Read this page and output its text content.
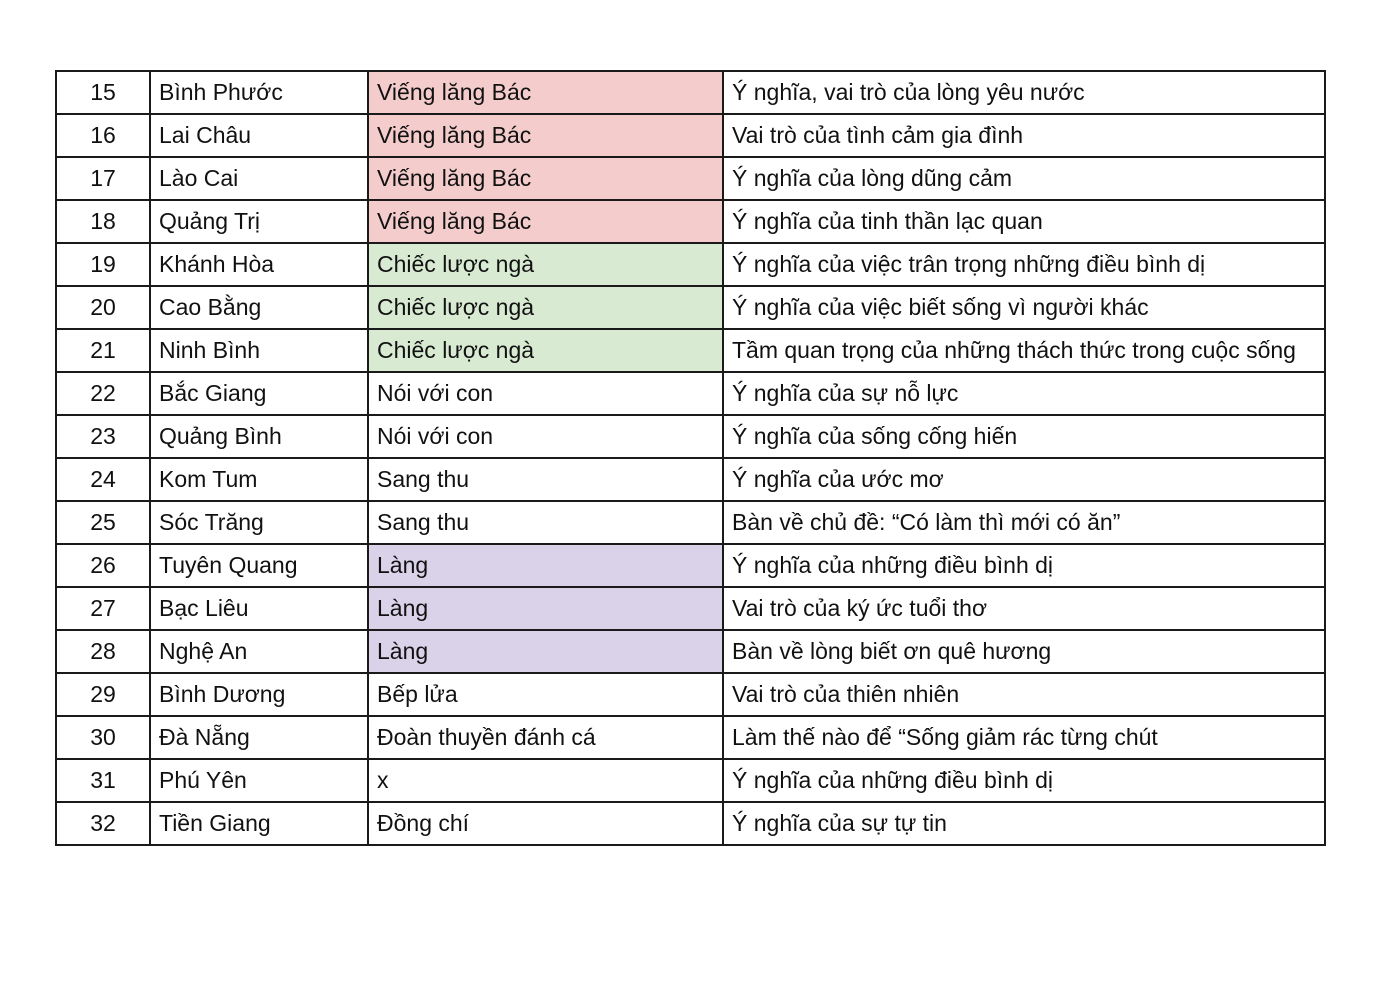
15	Bình Phước	Viếng lăng Bác	Ý nghĩa, vai trò của lòng yêu nước
16	Lai Châu	Viếng lăng Bác	Vai trò của tình cảm gia đình
17	Lào Cai	Viếng lăng Bác	Ý nghĩa của lòng dũng cảm
18	Quảng Trị	Viếng lăng Bác	Ý nghĩa của tinh thần lạc quan
19	Khánh Hòa	Chiếc lược ngà	Ý nghĩa của việc trân trọng những điều bình dị
20	Cao Bằng	Chiếc lược ngà	Ý nghĩa của việc biết sống vì người khác
21	Ninh Bình	Chiếc lược ngà	Tầm quan trọng của những thách thức trong cuộc sống
22	Bắc Giang	Nói với con	Ý nghĩa của sự nỗ lực
23	Quảng Bình	Nói với con	Ý nghĩa của sống cống hiến
24	Kom Tum	Sang thu	Ý nghĩa của ước mơ
25	Sóc Trăng	Sang thu	Bàn về chủ đề: “Có làm thì mới có ăn”
26	Tuyên Quang	Làng	Ý nghĩa của những điều bình dị
27	Bạc Liêu	Làng	Vai trò của ký ức tuổi thơ
28	Nghệ An	Làng	Bàn về lòng biết ơn quê hương
29	Bình Dương	Bếp lửa	Vai trò của thiên nhiên
30	Đà Nẵng	Đoàn thuyền đánh cá	Làm thế nào để “Sống giảm rác từng chút
31	Phú Yên	x	Ý nghĩa của những điều bình dị
32	Tiền Giang	Đồng chí	Ý nghĩa của sự tự tin
